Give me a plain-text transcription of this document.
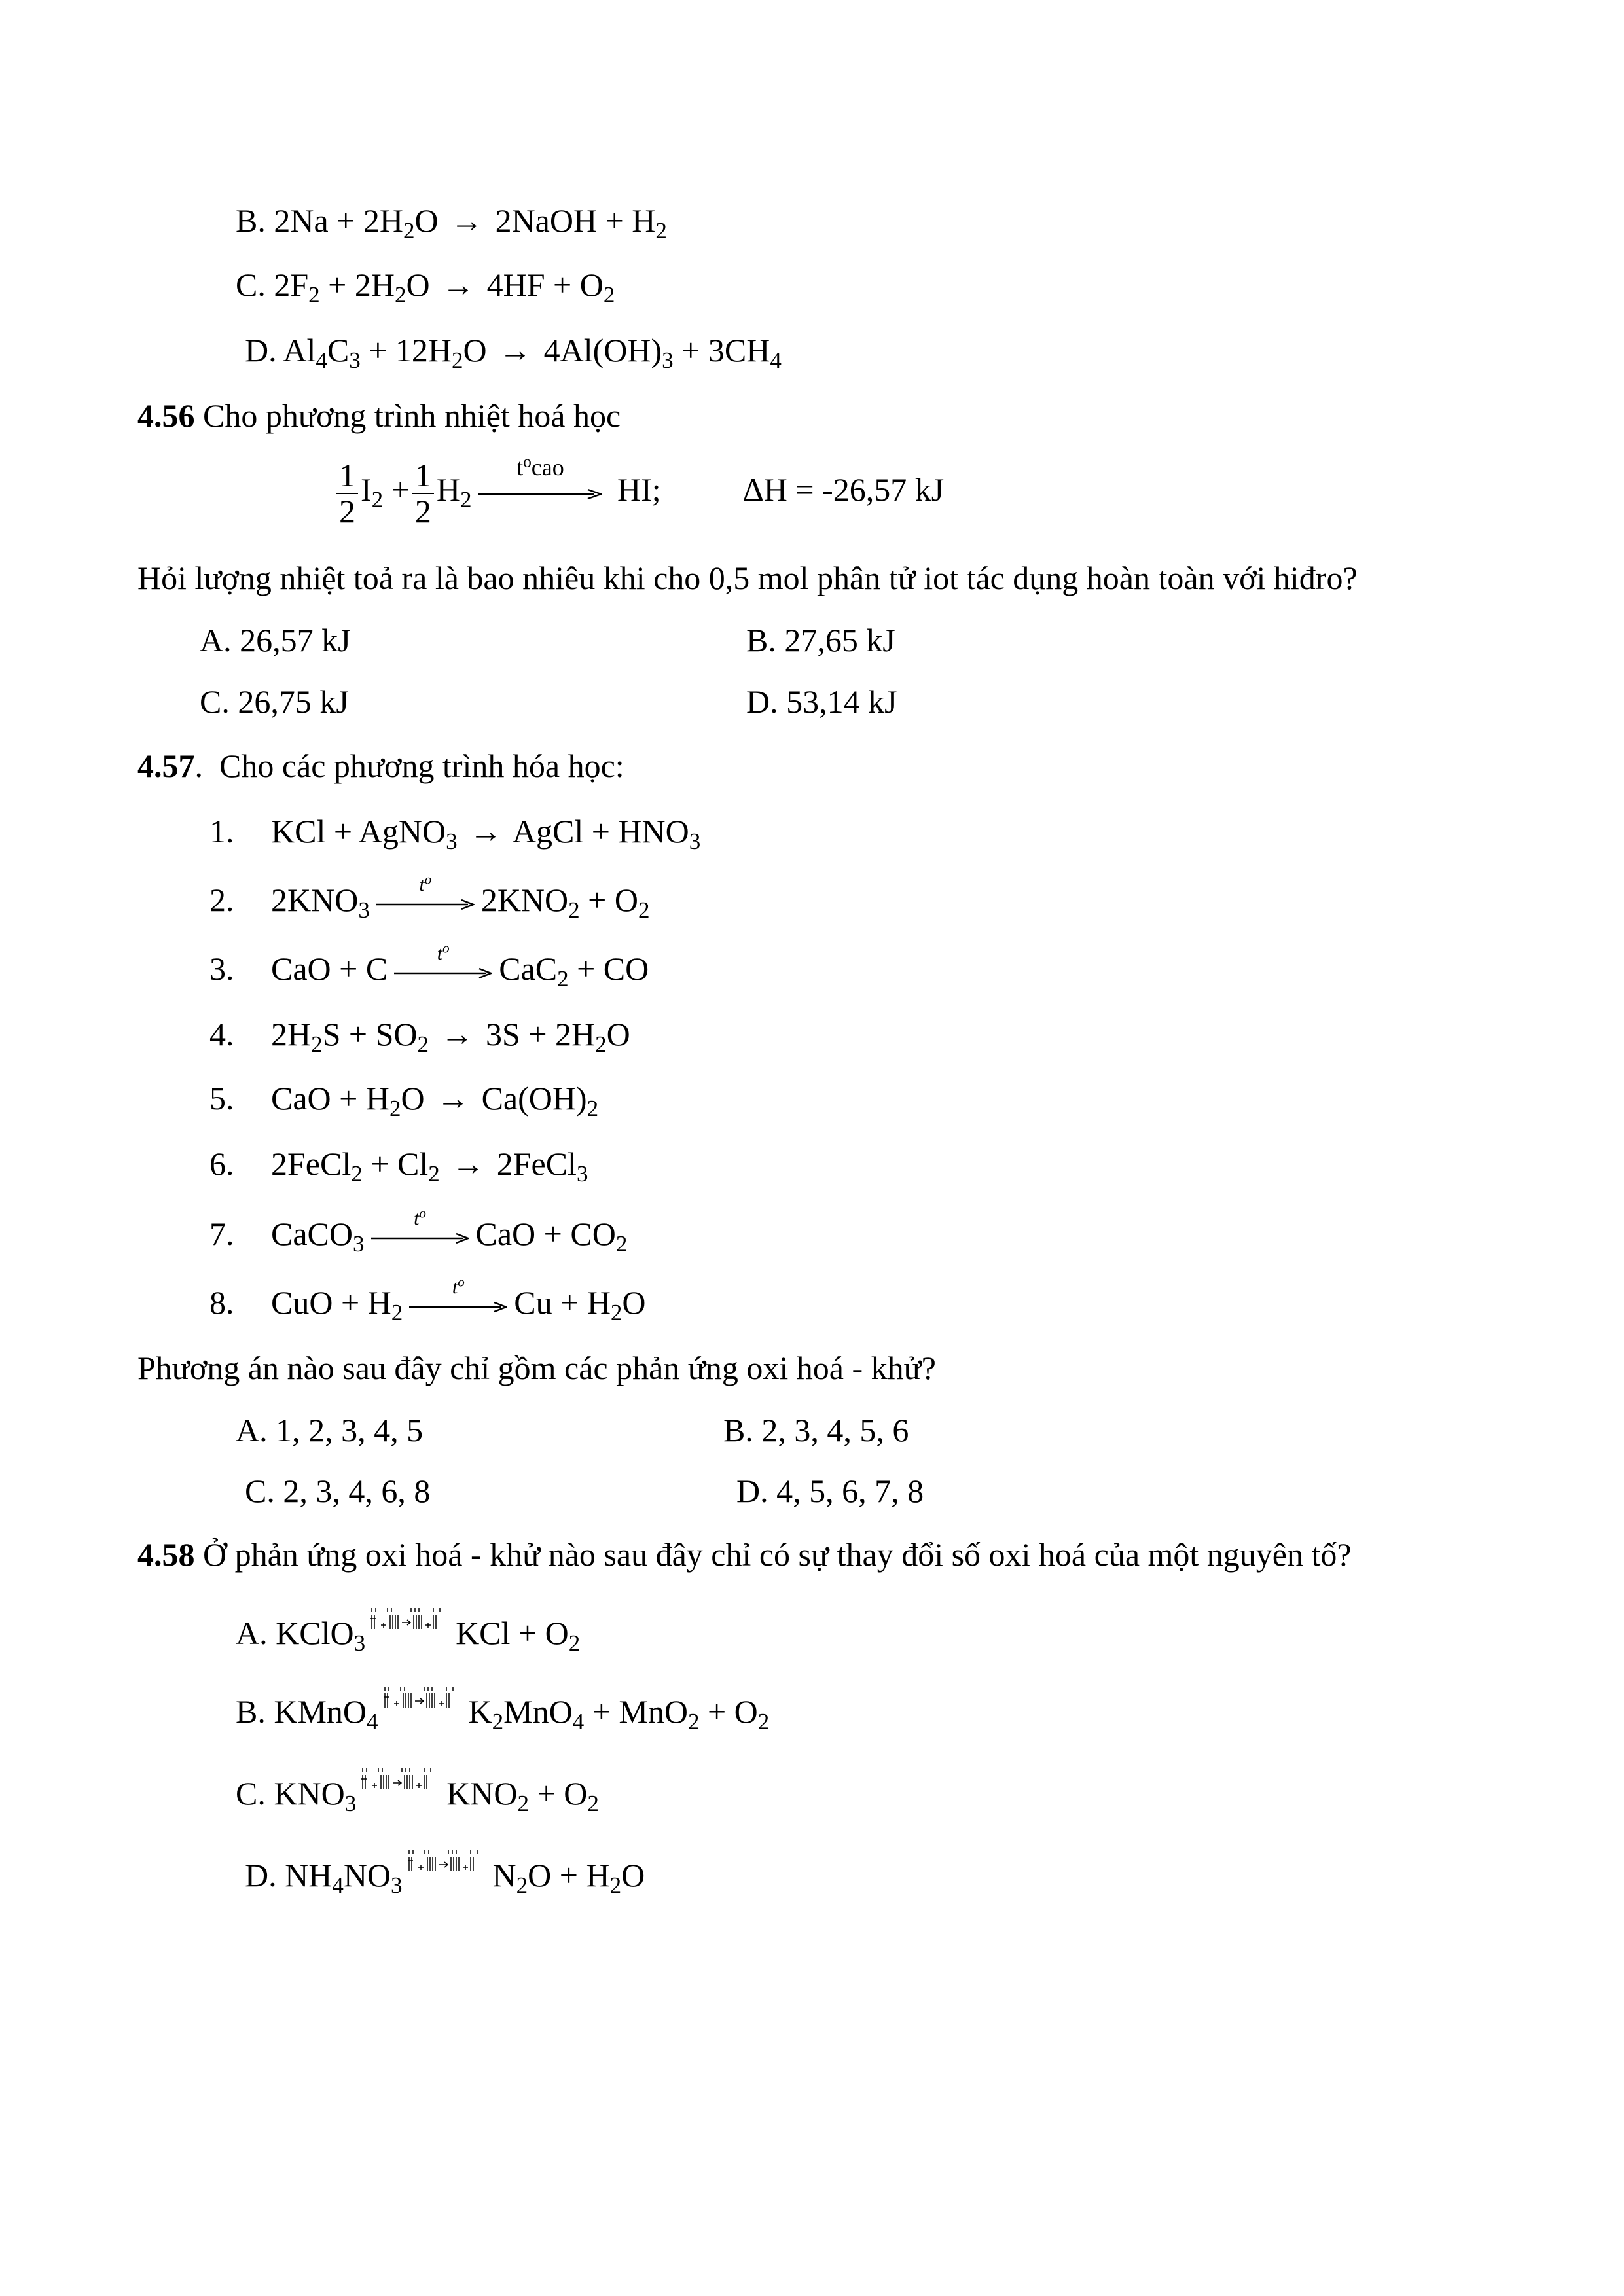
B. $2Na + 2H_2O$ → 2NaOH + $H_2$
C. $2F_2 + 2H_2O \to 4HF + O_2$
D. $Al_4C_3 + 12H_2O \to 4Al(OH)_3 + 3CH_4$
4.56 Cho phương trình nhiệt hoá học
$\frac{1}{2} I_2 + \frac{1}{2} H_2$
$t^ocao$
HI;  ΔH = -26,57 kJ
Hỏi lượng nhiệt toả ra là bao nhiêu khi cho 0,5 mol phân tử iot tác dụng hoàn toàn với hiđro?
A. 26,57 kJ	B. 27,65 kJ
C. 26,75 kJ	D. 53,14 kJ
4.57.  Cho các phương trình hóa học:
1. KCl + AgNO$_3$ → AgCl + $HNO_3$
2. $2KNO_3$
$t^o$
$2KNO_2 + O_2$
3. CaO + C	$t^o$
CaC$_2$ + CO
4. $2H_2S + SO_2 \to 3S + 2H_2O$
5. CaO + $H_2O \to Ca(OH)_2$
6. 2FeCl$_2$ + $Cl_2$ → 2FeCl$_3$
7. CaCO$_3$
$t^o$
CaO + $CO_2$
8. CuO + $H_2$
$t^o$
$Cu + H_2O$
Phương án nào sau đây chỉ gồm các phản ứng oxi hoá - khử?
A. 1, 2, 3, 4, 5	B. 2, 3, 4, 5, 6
C. 2, 3, 4, 6, 8	D. 4, 5, 6, 7, 8
4.58 Ở phản ứng oxi hoá - khử nào sau đây chỉ có sự thay đổi số oxi hoá của một nguyên tố?
A. KClO$_3$	KCl + $O_2$
B. KMnO$_4$	$K_2MnO_4 + MnO_2 + O_2$
C. $KNO_3$	$KNO_2 + O_2$
D. $NH_4NO_3$	$N_2O + H_2O$
